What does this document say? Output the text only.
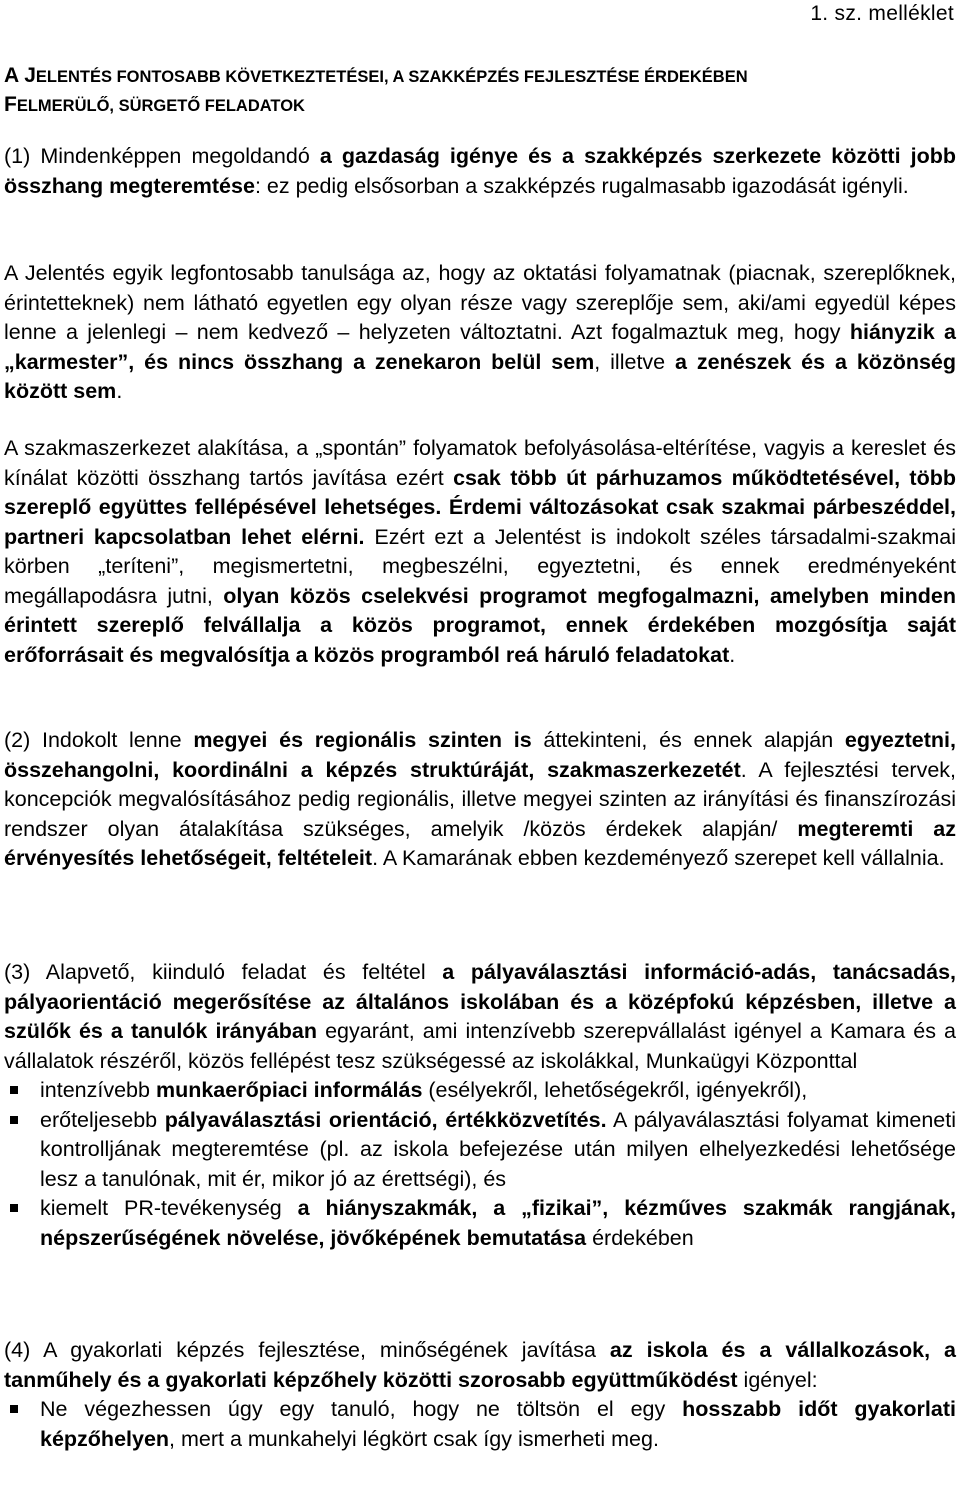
1. sz. melléklet
A JELENTÉS FONTOSABB KÖVETKEZTETÉSEI, A SZAKKÉPZÉS FEJLESZTÉSE ÉRDEKÉBEN
FELMERÜLŐ, SÜRGETŐ FELADATOK

(1) Mindenképpen megoldandó a gazdaság igénye és a szakképzés szerkezete közötti jobb összhang megteremtése: ez pedig elsősorban a szakképzés rugalmasabb igazodását igényli.

A Jelentés egyik legfontosabb tanulsága az, hogy az oktatási folyamatnak (piacnak, szereplőknek, érintetteknek) nem látható egyetlen egy olyan része vagy szereplője sem, aki/ami egyedül képes lenne a jelenlegi – nem kedvező – helyzeten változtatni. Azt fogalmaztuk meg, hogy hiányzik a „karmester”, és nincs összhang a zenekaron belül sem, illetve a zenészek és a közönség között sem.

A szakmaszerkezet alakítása, a „spontán” folyamatok befolyásolása-eltérítése, vagyis a kereslet és kínálat közötti összhang tartós javítása ezért csak több út párhuzamos működtetésével, több szereplő együttes fellépésével lehetséges. Érdemi változásokat csak szakmai párbeszéddel, partneri kapcsolatban lehet elérni. Ezért ezt a Jelentést is indokolt széles társadalmi-szakmai körben „teríteni”, megismertetni, megbeszélni, egyeztetni, és ennek eredményeként megállapodásra jutni, olyan közös cselekvési programot megfogalmazni, amelyben minden érintett szereplő felvállalja a közös programot, ennek érdekében mozgósítja saját erőforrásait és megvalósítja a közös programból reá háruló feladatokat.

(2) Indokolt lenne megyei és regionális szinten is áttekinteni, és ennek alapján egyeztetni, összehangolni, koordinálni a képzés struktúráját, szakmaszerkezetét. A fejlesztési tervek, koncepciók megvalósításához pedig regionális, illetve megyei szinten az irányítási és finanszírozási rendszer olyan átalakítása szükséges, amelyik /közös érdekek alapján/ megteremti az érvényesítés lehetőségeit, feltételeit. A Kamarának ebben kezdeményező szerepet kell vállalnia.

(3) Alapvető, kiinduló feladat és feltétel a pályaválasztási információ-adás, tanácsadás, pályaorientáció megerősítése az általános iskolában és a középfokú képzésben, illetve a szülők és a tanulók irányában egyaránt, ami intenzívebb szerepvállalást igényel a Kamara és a vállalatok részéről, közös fellépést tesz szükségessé az iskolákkal, Munkaügyi Központtal

intenzívebb munkaerőpiaci informálás (esélyekről, lehetőségekről, igényekről),
erőteljesebb pályaválasztási orientáció, értékközvetítés. A pályaválasztási folyamat kimeneti kontrolljának megteremtése (pl. az iskola befejezése után milyen elhelyezkedési lehetősége lesz a tanulónak, mit ér, mikor jó az érettségi), és
kiemelt PR-tevékenység a hiányszakmák, a „fizikai”, kézműves szakmák rangjának, népszerűségének növelése, jövőképének bemutatása érdekében

(4) A gyakorlati képzés fejlesztése, minőségének javítása az iskola és a vállalkozások, a tanműhely és a gyakorlati képzőhely közötti szorosabb együttműködést igényel:

Ne végezhessen úgy egy tanuló, hogy ne töltsön el egy hosszabb időt gyakorlati képzőhelyen, mert a munkahelyi légkört csak így ismerheti meg.
